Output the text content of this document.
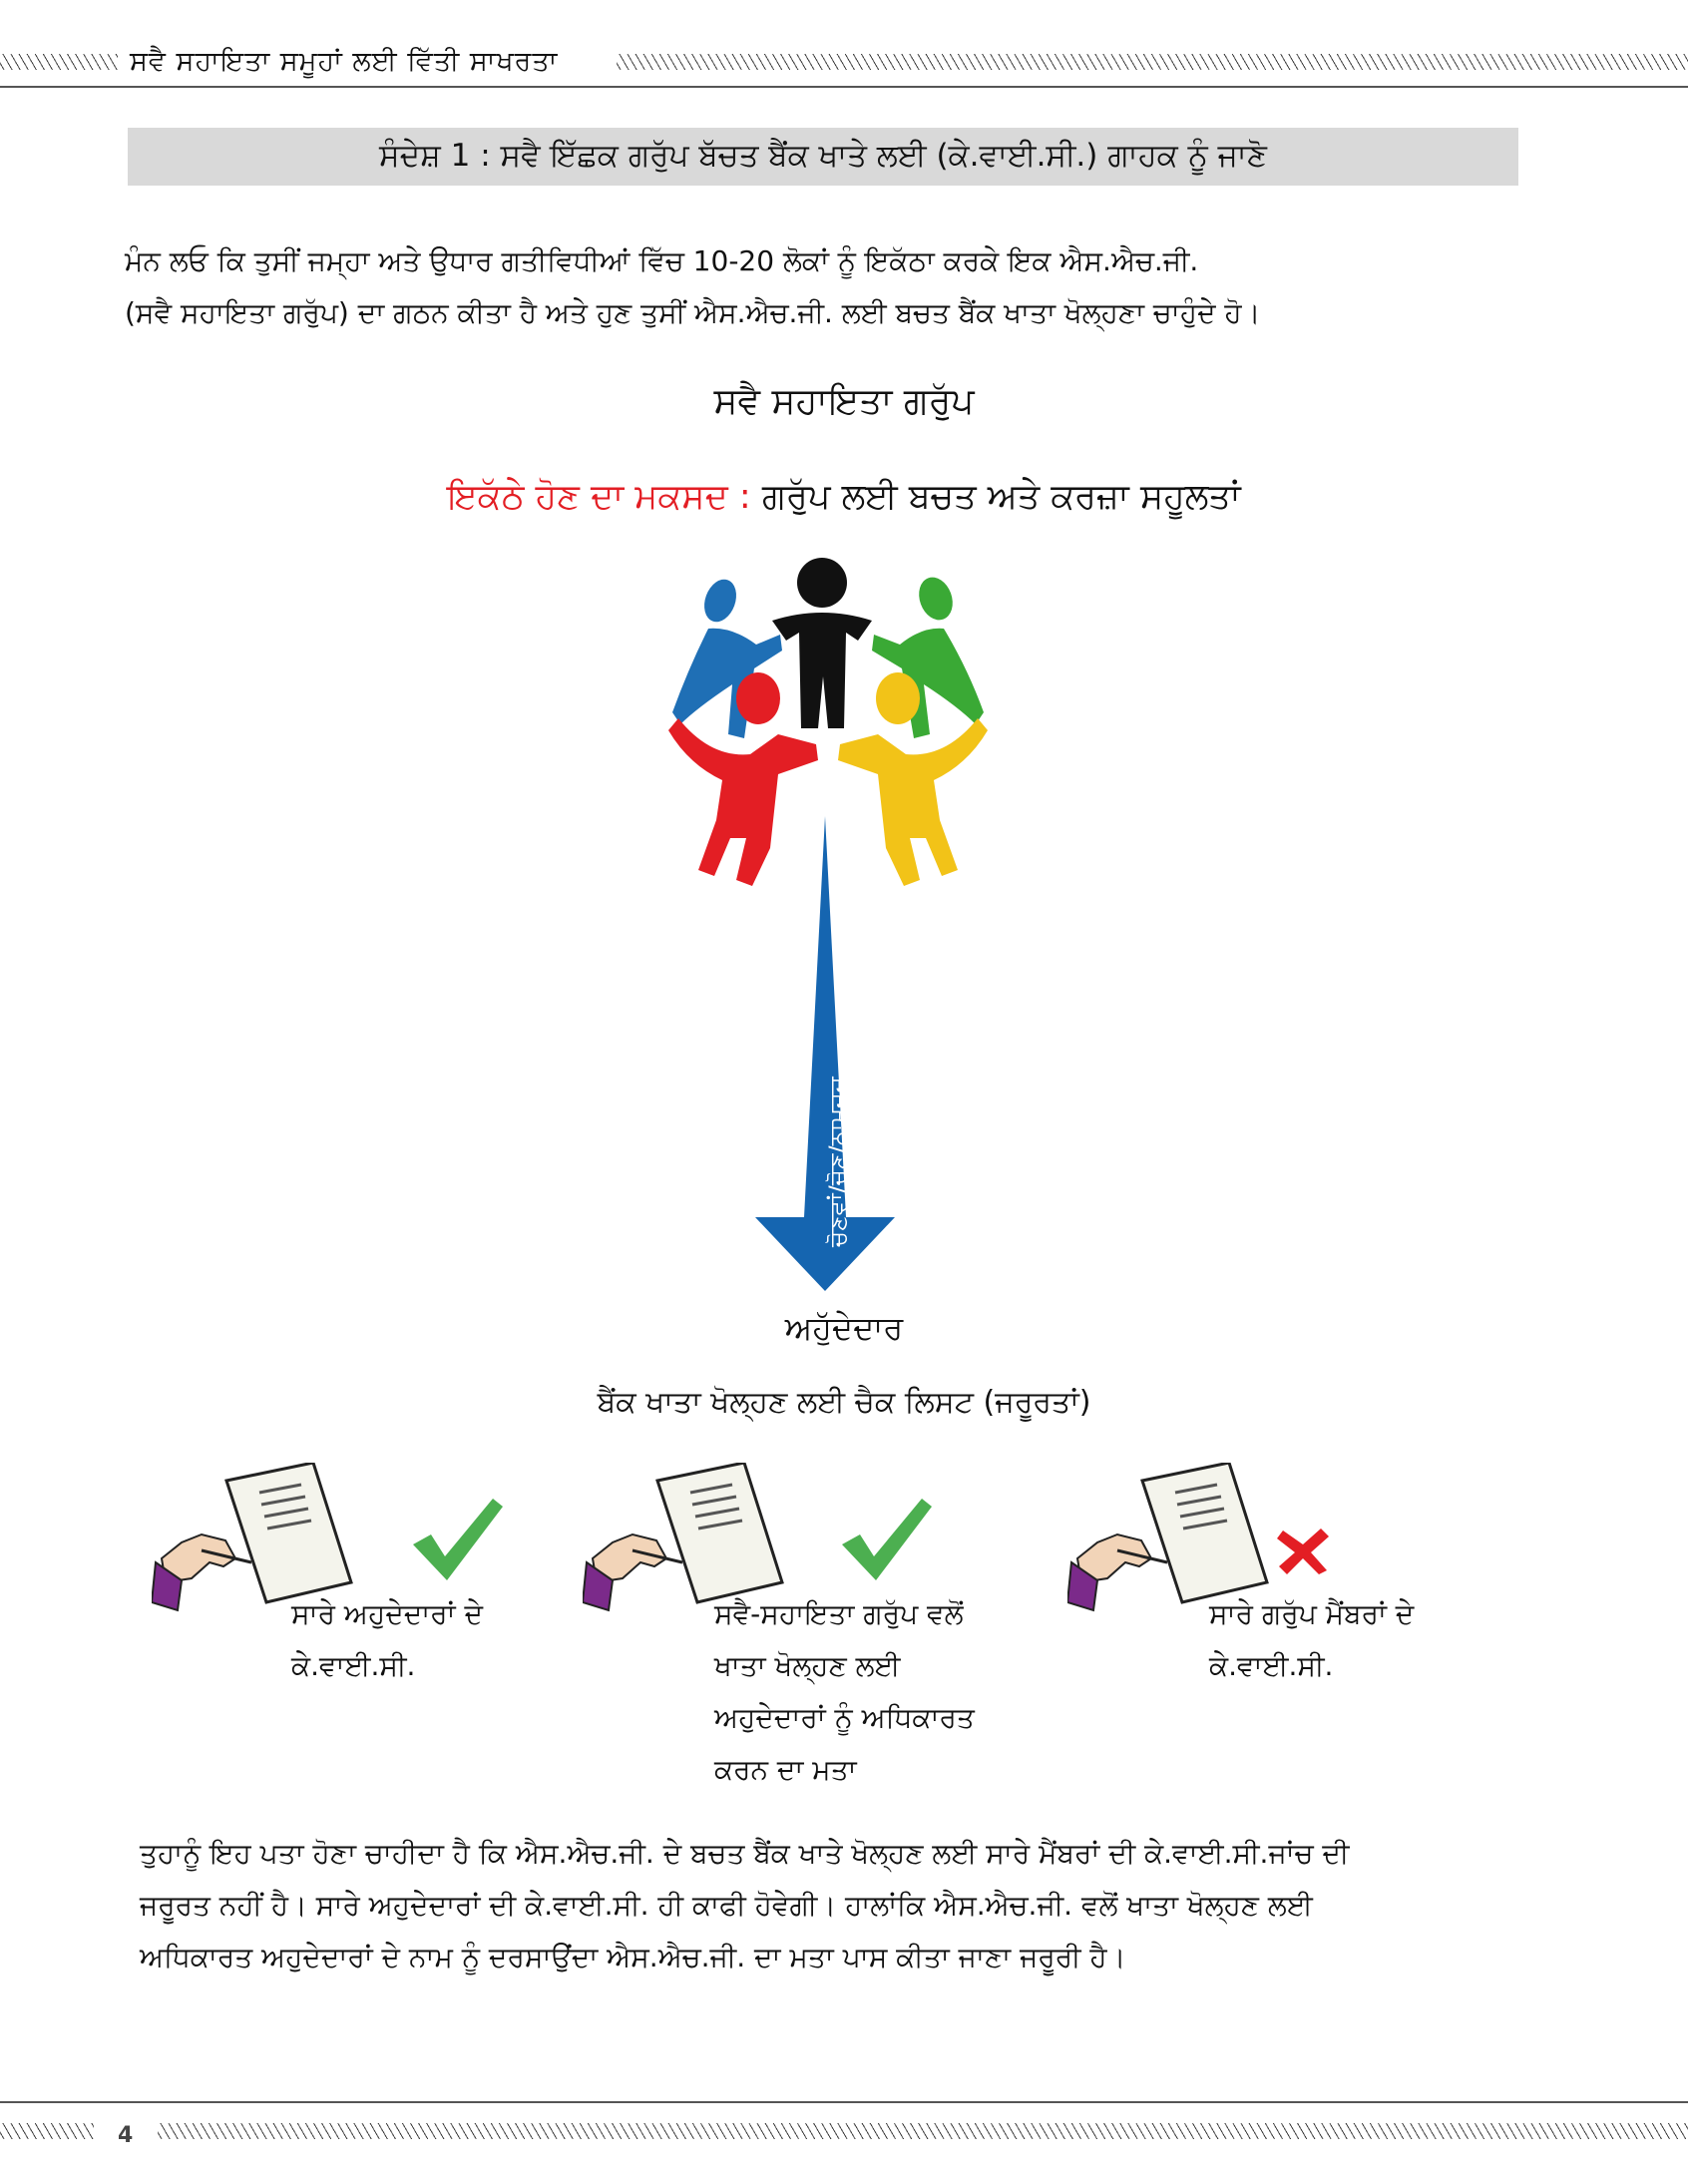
ਸਵੈ ਸਹਾਇਤਾ ਸਮੂਹਾਂ ਲਈ ਵਿੱਤੀ ਸਾਖਰਤਾ
ਸੰਦੇਸ਼ 1 : ਸਵੈ ਇੱਛਕ ਗਰੁੱਪ ਬੱਚਤ ਬੈਂਕ ਖਾਤੇ ਲਈ (ਕੇ.ਵਾਈ.ਸੀ.) ਗਾਹਕ ਨੂੰ ਜਾਣੋ
ਮੰਨ ਲਓ ਕਿ ਤੁਸੀਂ ਜਮ੍ਹਾ ਅਤੇ ਉਧਾਰ ਗਤੀਵਿਧੀਆਂ ਵਿੱਚ 10-20 ਲੋਕਾਂ ਨੂੰ ਇਕੱਠਾ ਕਰਕੇ ਇਕ ਐਸ.ਐਚ.ਜੀ.
(ਸਵੈ ਸਹਾਇਤਾ ਗਰੁੱਪ) ਦਾ ਗਠਨ ਕੀਤਾ ਹੈ ਅਤੇ ਹੁਣ ਤੁਸੀਂ ਐਸ.ਐਚ.ਜੀ. ਲਈ ਬਚਤ ਬੈਂਕ ਖਾਤਾ ਖੋਲ੍ਹਣਾ ਚਾਹੁੰਦੇ ਹੋ।
ਸਵੈ ਸਹਾਇਤਾ ਗਰੁੱਪ
ਇਕੱਠੇ ਹੋਣ ਦਾ ਮਕਸਦ : ਗਰੁੱਪ ਲਈ ਬਚਤ ਅਤੇ ਕਰਜ਼ਾ ਸਹੂਲਤਾਂ
ਚੋਣਵਾਂ/ਚੋਣ/ਨਾਮਜ਼ਦ
ਅਹੁੱਦੇਦਾਰ
ਬੈਂਕ ਖਾਤਾ ਖੋਲ੍ਹਣ ਲਈ ਚੈਕ ਲਿਸਟ (ਜਰੂਰਤਾਂ)
ਸਾਰੇ ਅਹੁਦੇਦਾਰਾਂ ਦੇ
ਕੇ.ਵਾਈ.ਸੀ.
ਸਵੈ-ਸਹਾਇਤਾ ਗਰੁੱਪ ਵਲੋਂ
ਖਾਤਾ ਖੋਲ੍ਹਣ ਲਈ
ਅਹੁਦੇਦਾਰਾਂ ਨੂੰ ਅਧਿਕਾਰਤ
ਕਰਨ ਦਾ ਮਤਾ
ਸਾਰੇ ਗਰੁੱਪ ਮੈਂਬਰਾਂ ਦੇ
ਕੇ.ਵਾਈ.ਸੀ.
ਤੁਹਾਨੂੰ ਇਹ ਪਤਾ ਹੋਣਾ ਚਾਹੀਦਾ ਹੈ ਕਿ ਐਸ.ਐਚ.ਜੀ. ਦੇ ਬਚਤ ਬੈਂਕ ਖਾਤੇ ਖੋਲ੍ਹਣ ਲਈ ਸਾਰੇ ਮੈਂਬਰਾਂ ਦੀ ਕੇ.ਵਾਈ.ਸੀ.ਜਾਂਚ ਦੀ
ਜਰੂਰਤ ਨਹੀਂ ਹੈ। ਸਾਰੇ ਅਹੁਦੇਦਾਰਾਂ ਦੀ ਕੇ.ਵਾਈ.ਸੀ. ਹੀ ਕਾਫੀ ਹੋਵੇਗੀ। ਹਾਲਾਂਕਿ ਐਸ.ਐਚ.ਜੀ. ਵਲੋਂ ਖਾਤਾ ਖੋਲ੍ਹਣ ਲਈ
ਅਧਿਕਾਰਤ ਅਹੁਦੇਦਾਰਾਂ ਦੇ ਨਾਮ ਨੂੰ ਦਰਸਾਉਂਦਾ ਐਸ.ਐਚ.ਜੀ. ਦਾ ਮਤਾ ਪਾਸ ਕੀਤਾ ਜਾਣਾ ਜਰੂਰੀ ਹੈ।
4
